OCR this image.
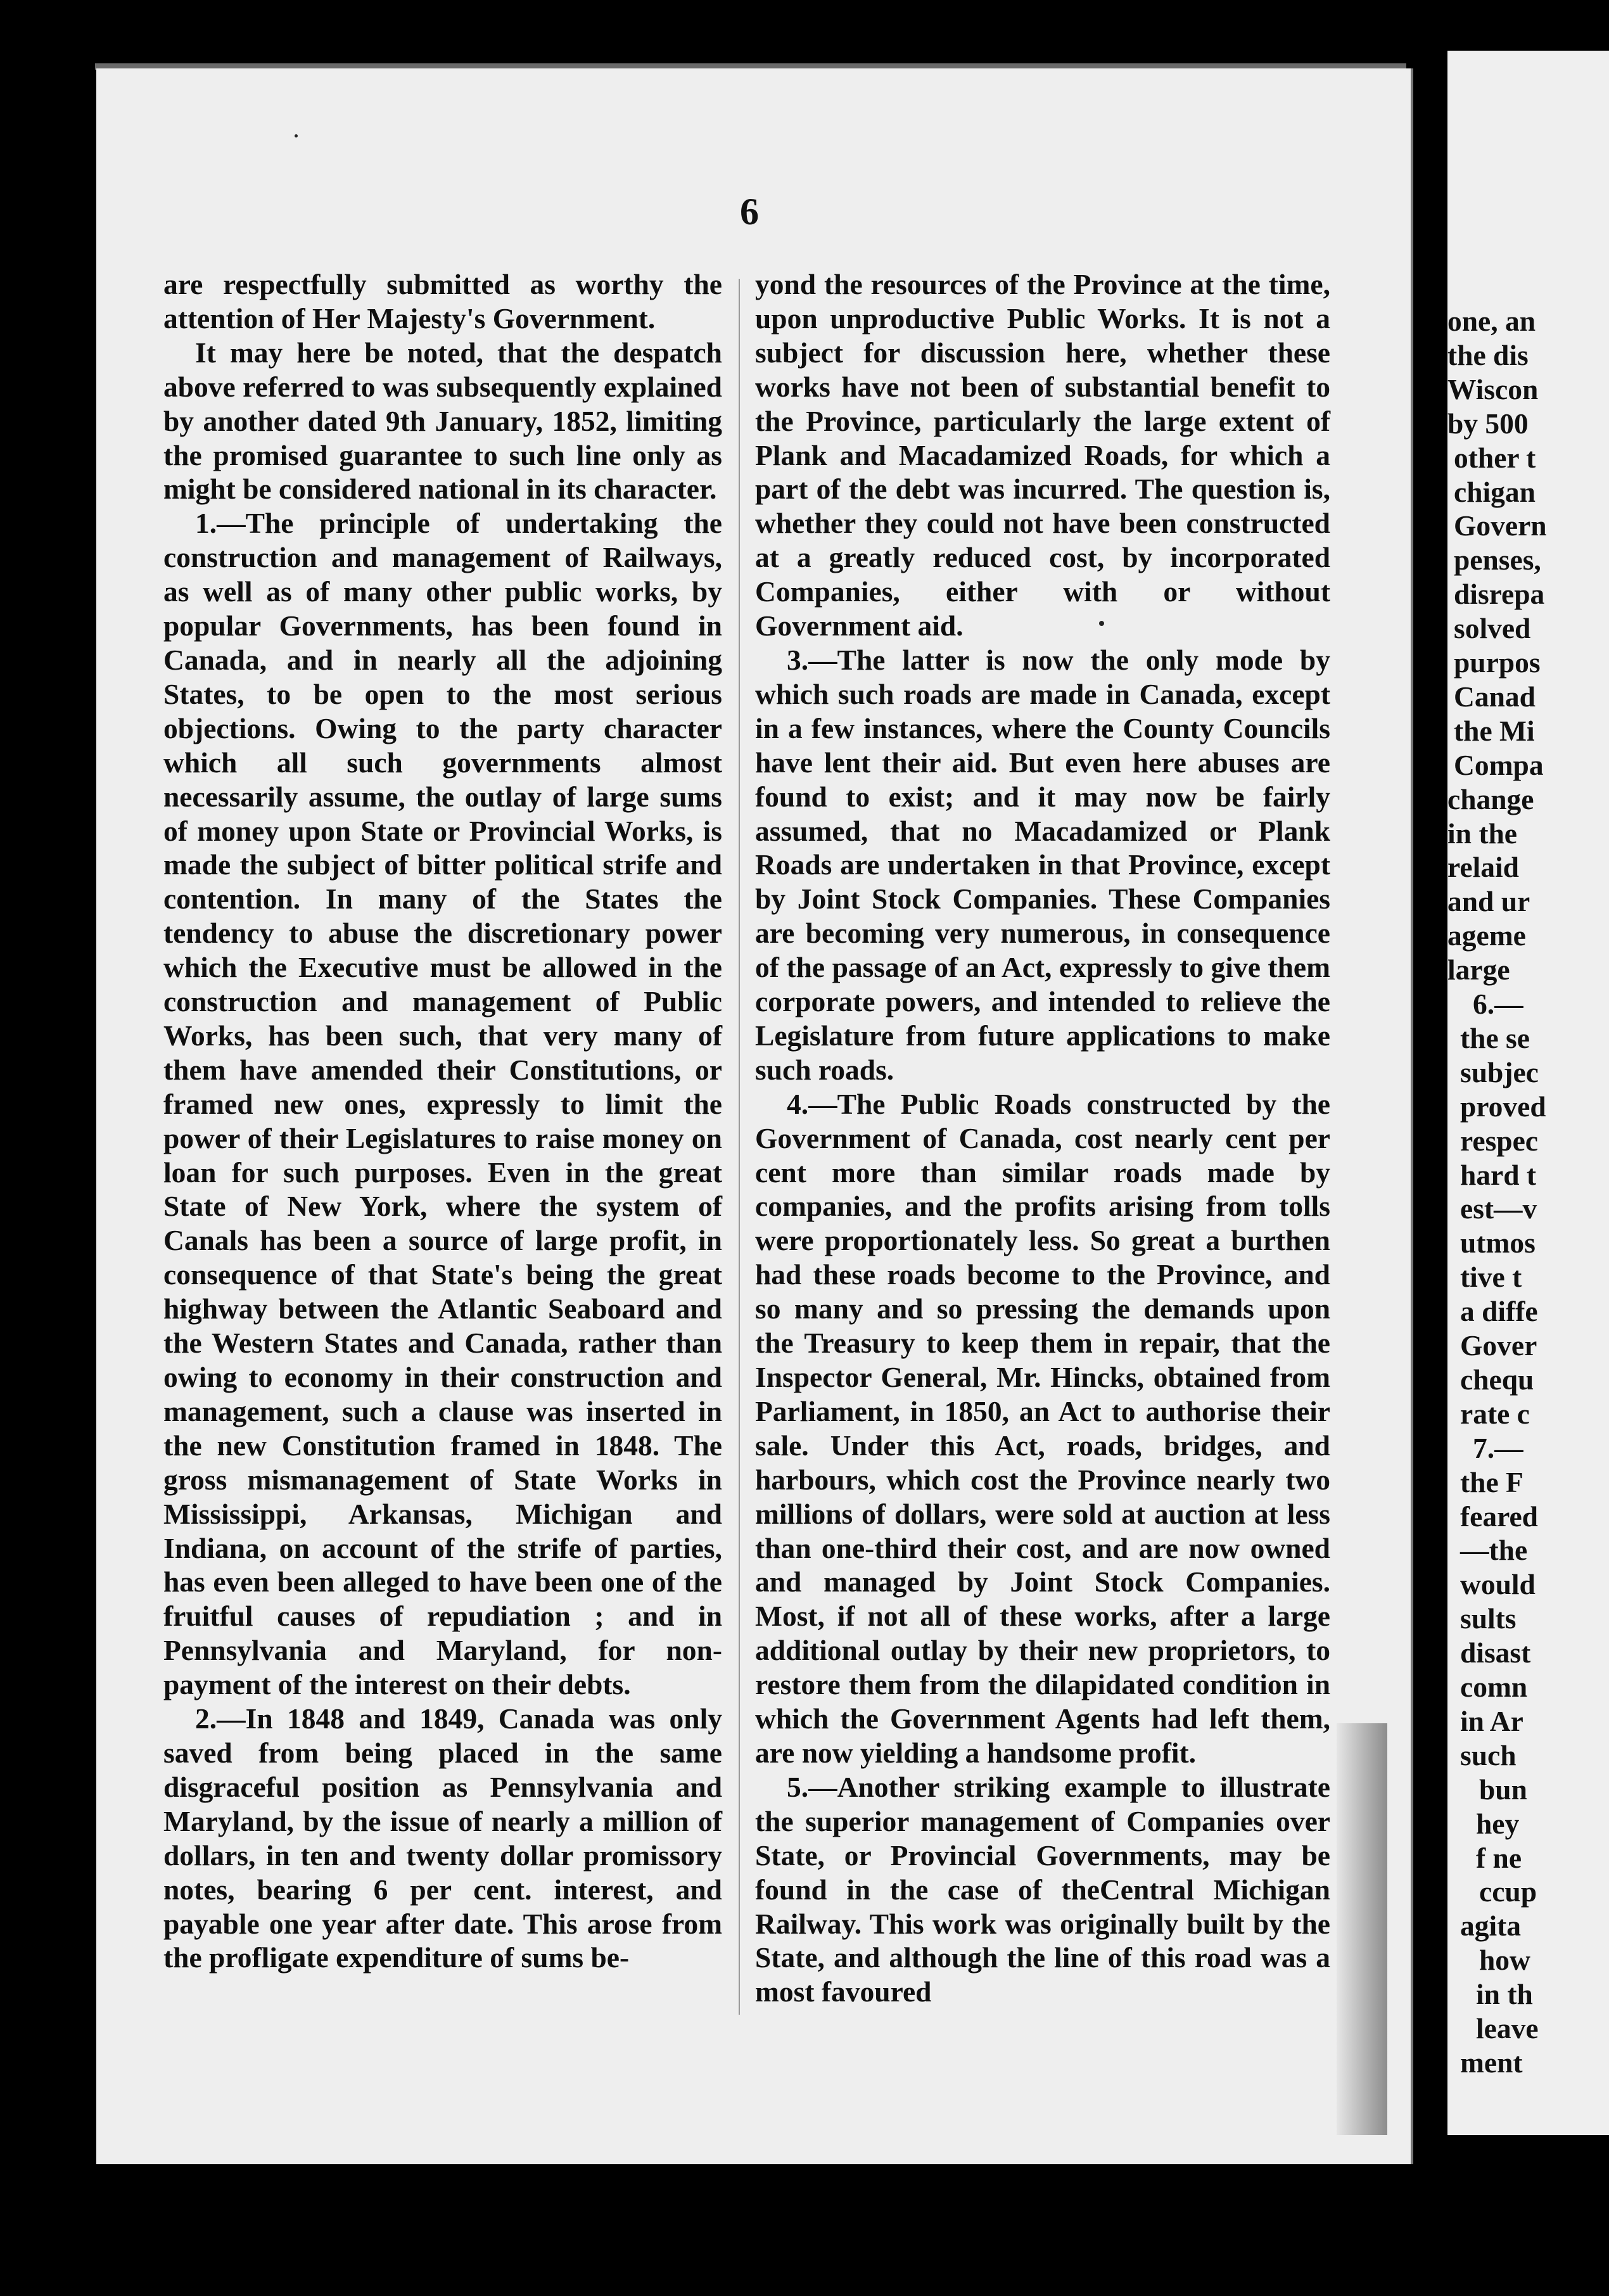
6

are respectfully submitted as worthy the attention of Her Majesty's Government.

It may here be noted, that the despatch above referred to was subsequently explained by another dated 9th January, 1852, limiting the promised guarantee to such line only as might be considered national in its character.

1.—The principle of undertaking the construction and management of Railways, as well as of many other public works, by popular Governments, has been found in Canada, and in nearly all the adjoining States, to be open to the most serious objections. Owing to the party character which all such governments almost necessarily assume, the outlay of large sums of money upon State or Provincial Works, is made the subject of bitter political strife and contention. In many of the States the tendency to abuse the discretionary power which the Executive must be allowed in the construction and management of Public Works, has been such, that very many of them have amended their Constitutions, or framed new ones, expressly to limit the power of their Legislatures to raise money on loan for such purposes. Even in the great State of New York, where the system of Canals has been a source of large profit, in consequence of that State's being the great highway between the Atlantic Seaboard and the Western States and Canada, rather than owing to economy in their construction and management, such a clause was inserted in the new Constitution framed in 1848. The gross mismanagement of State Works in Mississippi, Arkansas, Michigan and Indiana, on account of the strife of parties, has even been alleged to have been one of the fruitful causes of repudiation ; and in Pennsylvania and Maryland, for non-payment of the interest on their debts.

2.—In 1848 and 1849, Canada was only saved from being placed in the same disgraceful position as Pennsylvania and Maryland, by the issue of nearly a million of dollars, in ten and twenty dollar promissory notes, bearing 6 per cent. interest, and payable one year after date. This arose from the profligate expenditure of sums be-

yond the resources of the Province at the time, upon unproductive Public Works. It is not a subject for discussion here, whether these works have not been of substantial benefit to the Province, particularly the large extent of Plank and Macadamized Roads, for which a part of the debt was incurred. The question is, whether they could not have been constructed at a greatly reduced cost, by incorporated Companies, either with or without Government aid.

3.—The latter is now the only mode by which such roads are made in Canada, except in a few instances, where the County Councils have lent their aid. But even here abuses are found to exist; and it may now be fairly assumed, that no Macadamized or Plank Roads are undertaken in that Province, except by Joint Stock Companies. These Companies are becoming very numerous, in consequence of the passage of an Act, expressly to give them corporate powers, and intended to relieve the Legislature from future applications to make such roads.

4.—The Public Roads constructed by the Government of Canada, cost nearly cent per cent more than similar roads made by companies, and the profits arising from tolls were proportionately less. So great a burthen had these roads become to the Province, and so many and so pressing the demands upon the Treasury to keep them in repair, that the Inspector General, Mr. Hincks, obtained from Parliament, in 1850, an Act to authorise their sale. Under this Act, roads, bridges, and harbours, which cost the Province nearly two millions of dollars, were sold at auction at less than one-third their cost, and are now owned and managed by Joint Stock Companies. Most, if not all of these works, after a large additional outlay by their new proprietors, to restore them from the dilapidated condition in which the Government Agents had left them, are now yielding a handsome profit.

5.—Another striking example to illustrate the superior management of Companies over State, or Provincial Governments, may be found in the case of theCentral Michigan Railway. This work was originally built by the State, and although the line of this road was a most favoured

one, an
the dis
Wiscon
by 500
other t
chigan
Govern
penses,
disrepa
solved
purpos
Canad
the Mi
Compa
change
in the
relaid
and ur
ageme
large
6.—
the se
subjec
proved
respec
hard t
est—v
utmos
tive t
a diffe
Gover
chequ
rate c
7.—
the F
feared
—the
would
sults
disast
comn
in Ar
such
bun
hey
f ne
ccup
agita
how
in th
leave
ment
